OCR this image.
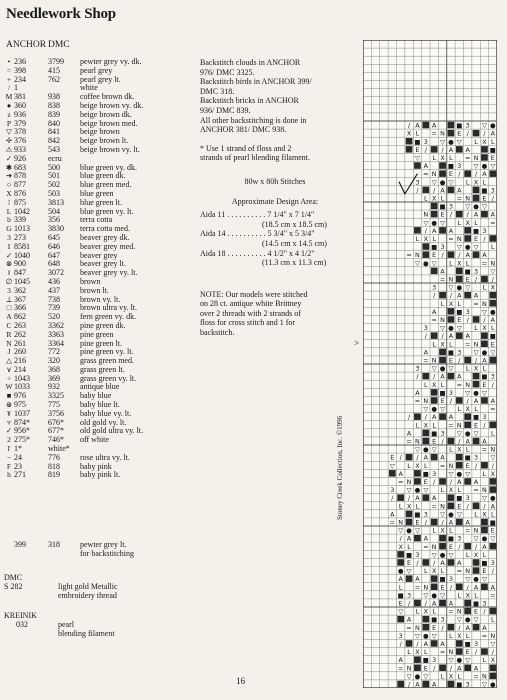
Needlework Shop
ANCHOR DMC
• 236	3799 pewter grey vy. dk.
= 398	415	pearl grey
+ 234	762	pearl grey lt.
/ 1	white
M 381	938	coffee brown dk.
● 360	838	beige brown vy. dk.
z 936	839	beige brown dk.
P 379	840	beige brown med.
▽ 378	841	beige brown
✢ 376	842	beige brown lt.
⚠ 933	543	beige brown vy. lt.
✓ 926	ecru
✱ 683	500	blue green vy. dk.
➔ 878	501	blue green dk.
○ 877	502	blue green med.
X 876	503	blue green
⁞ 875	3813 blue green lt.
L 1042 504	blue green vy. lt.
b 339	356	terra cotta
G 1013 3830 terra cotta med.
3 273	645	beaver grey dk.
I 8581 646	beaver grey med.
✓ 1040 647	beaver grey
⊗ 900	648	beaver grey lt.
ǁ 847	3072 beaver grey vy. lt.
∅ 1045 436	brown
3 362	437	brown lt.
⊥ 367	738	brown vy. lt.
□ 366	739	brown ultra vy. lt.
A 862	520	fern green vy. dk.
C 263	3362 pine green dk.
R 262	3363 pine green
N 261	3364 pine green lt.
J 260	772	pine green vy. lt.
△ 216	320	grass green med.
∨ 214	368	grass green lt.
÷ 1043 369	grass green vy. lt.
W 1033 932	antique blue
■ 976	3325 baby blue
⊛ 975	775	baby blue lt.
¥ 1037 3756 baby blue vy. lt.
▿ 874* 676* old gold vy. lt.
✓ 956* 677* old gold ultra vy. lt.
2 275* 746* off white
ľ 1*	white*
− 24	776	rose ultra vy. lt.
F 23	818	baby pink
h 271	819	baby pink lt.
399	318	pewter grey lt.
for backstitching
DMC
S 282	light gold Metallic
embroidery thread
KREINIK
032	pearl
blending filament

Backstitch clouds in ANCHOR

976/ DMC 3325.

Backstitch birds in ANCHOR 399/

DMC 318.

Backstitch bricks in ANCHOR

936/ DMC 839.

All other backstitching is done in

ANCHOR 381/ DMC 938.

* Use 1 strand of floss and 2

strands of pearl blending filament.

80w x 80h Stitches

Approximate Design Area:

Aida 11 . . . . . . . . . . 7 1/4" x 7 1/4"
(18.5 cm x 18.5 cm)
Aida 14 . . . . . . . . . . 5 3/4" x 5 3/4"
(14.5 cm x 14.5 cm)
Aida 18 . . . . . . . . . . 4 1/2" x 4 1/2"
(11.3 cm x 11.3 cm)

NOTE: Our models were stitched

on 28 ct. antique white Brittney

over 2 threads with 2 strands of

floss for cross stitch and 1 for

backstitch.

/ A A	■ 3 ▽ ●
X L = N E / / A
■ 3 ▽ ● ▽ L X L
E / / A A	■
▽ L X L = N E
A	■ 3 ▽ ● ▽
= N E / / A
3 ▽ ● ▽ L X L
/ / A A	■ 3
L X L = N E /
■ 3 ▽ ● ▽
N E / / A A
▽ ● ▽ L X L =
/ A A	■ 3
L X L = N E /
■ 3 ▽ ● ▽ L
= N E / / A A
▽ ● ▽ L X L = N
A	■ 3 ▽
= N E / /
3 ▽ ● ▽ L X
/ / A A
L X L = N
A	■ 3 ▽ ●
= N E / / A
3 ▽ ● ▽ L X L
/ / A A	■
L X L = N E
A	■ 3 ▽ ● ▽
= N E / / A
3 ▽ ● ▽ L X L
/ / A A	■ 3
L X L = N E /
A	■ 3 ▽ ● ▽
= N E / / A A
▽ ● ▽ L X L =
/ / A A	■ 3
L X L = N E /
A	■ 3 ▽ ● ▽ L
= N E / / A A
▽ ● ▽ L X L = N
E / / A A	■ 3 ▽
▽ L X L = N E / /
A	■ 3 ▽ ● ▽ L X
= N E / / A A
3 ▽ ● ▽ L X L = N
/ / A A	■ 3 ▽ ●
L X L = N E / / A
A	■ 3 ▽ ● ▽ L X L
= N E / / A A	■
▽ ● ▽ L X L = N E
/ A A	■ 3 ▽ ● ▽
X L = N E / / A
■ 3 ▽ ● ▽ L X L
E / / A A	■ 3
● ▽ L X L = N E /
A A	■ 3 ▽ ● ▽
L = N E / / A A
■ 3 ▽ ● ▽ L X L =
E / / A A	■ 3
▽ L X L = N E /
A	■ 3 ▽ ● ▽ L
= N E / / A A
3 ▽ ● ▽ L X L = N
/ / A A	■ 3 ▽
L X L = N E / /
A	■ 3 ▽ ● ▽ L X
= N E / / A A
▽ ● ▽ L X L = N
/ A A	■ 3 ▽ ●
>
Stoney Creek Collection, Inc. ©1996
16
